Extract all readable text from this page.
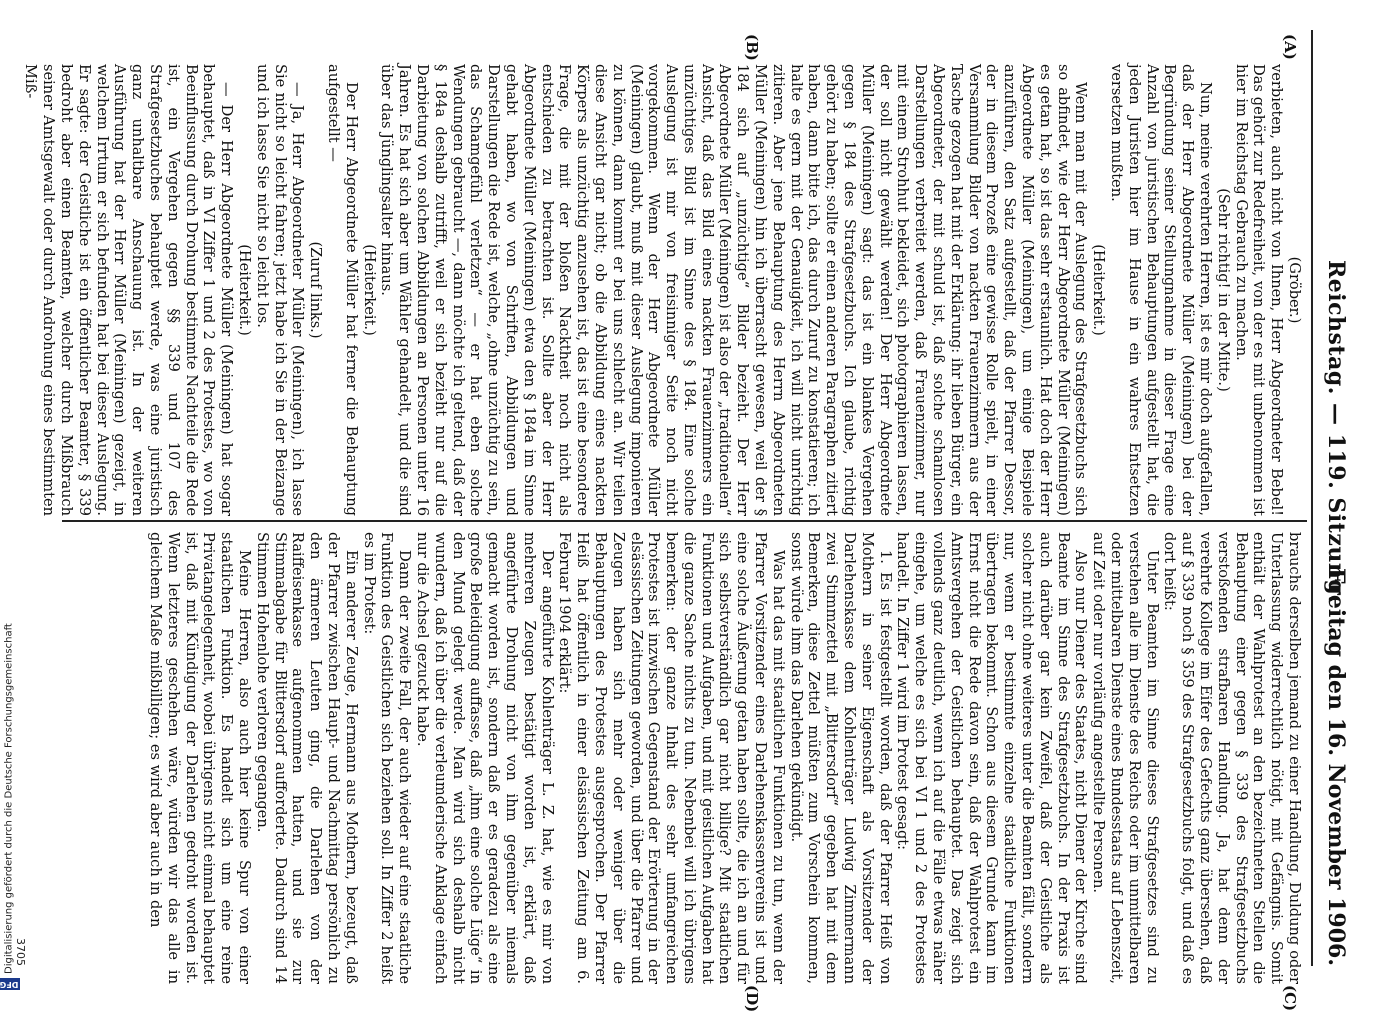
Reichstag. — 119. Sitzung.
Freitag den 16. November 1906.
(A)
(B)

(Gröber.)

verbieten, auch nicht von Ihnen, Herr Abgeordneter Bebel! Das gehört zur Redefreiheit, von der es mit unbenommen ist hier im Reichstag Gebrauch zu machen.

(Sehr richtig! in der Mitte.)

Nun, meine verehrten Herren, ist es mir doch aufgefallen, daß der Herr Abgeordnete Müller (Meiningen) bei der Begründung seiner Stellungnahme in dieser Frage eine Anzahl von juristischen Behauptungen aufgestellt hat, die jeden Juristen hier im Hause in ein wahres Entsetzen versetzen mußten.

(Heiterkeit.)

Wenn man mit der Auslegung des Strafgesetzbuchs sich so abfindet, wie der Herr Abgeordnete Müller (Meiningen) es getan hat, so ist das sehr erstaunlich. Hat doch der Herr Abgeordnete Müller (Meiningen), um einige Beispiele anzuführen, den Satz aufgestellt, daß der Pfarrer Dessor, der in diesem Prozeß eine gewisse Rolle spielt, in einer Versammlung Bilder von nackten Frauenzimmern aus der Tasche gezogen hat mit der Erklärung: ihr lieben Bürger, ein Abgeordneter, der mit schuld ist, daß solche schamlosen Darstellungen verbreitet werden, daß Frauenzimmer, nur mit einem Strohhut bekleidet, sich photographieren lassen, der soll nicht gewählt werden! Der Herr Abgeordnete Müller (Meiningen) sagt: das ist ein blankes Vergehen gegen § 184 des Strafgesetzbuchs. Ich glaube, richtig gehört zu haben; sollte er einen anderen Paragraphen zitiert haben, dann bitte ich, das durch Zuruf zu konstatieren; ich halte es gern mit der Genauigkeit, ich will nicht unrichtig zitieren. Aber jene Behauptung des Herrn Abgeordneten Müller (Meiningen) hin ich überrascht gewesen, weil der § 184 sich auf „unzüchtige“ Bilder bezieht. Der Herr Abgeordnete Müller (Meiningen) ist also der „traditionellen“ Ansicht, daß das Bild eines nackten Frauenzimmers ein unzüchtiges Bild ist im Sinne des § 184. Eine solche Auslegung ist mir von freisinniger Seite noch nicht vorgekommen. Wenn der Herr Abgeordnete Müller (Meiningen) glaubt, muß mit dieser Auslegung imponieren zu können, dann kommt er bei uns schlecht an. Wir teilen diese Ansicht gar nicht; ob die Abbildung eines nackten Körpers als unzüchtig anzusehen ist, das ist eine besondere Frage, die mit der bloßen Nacktheit noch nicht als entschieden zu betrachten ist. Sollte aber der Herr Abgeordnete Müller (Meiningen) etwa den § 184a im Sinne gehabt haben, wo von Schriften, Abbildungen und Darstellungen die Rede ist, welche, „ohne unzüchtig zu sein, das Schamgefühl verletzen“ — er hat eben solche Wendungen gebraucht —, dann möchte ich geltend, daß der § 184a deshalb zutrifft, weil er sich bezieht nur auf die Darbietung von solchen Abbildungen an Personen unter 16 Jahren. Es hat sich aber um Wähler gehandelt, und die sind über das Jünglingsalter hinaus.

(Heiterkeit.)

Der Herr Abgeordnete Müller hat ferner die Behauptung aufgestellt —

(Zuruf links.)

— Ja, Herr Abgeordneter Müller (Meiningen), ich lasse Sie nicht so leicht fahren; jetzt habe ich Sie in der Beizange und ich lasse Sie nicht so leicht los.

(Heiterkeit.)

— Der Herr Abgeordnete Müller (Meiningen) hat sogar behauptet, daß in VI Ziffer 1 und 2 des Protestes, wo von Beeinflussung durch Drohung bestimmte Nachteile die Rede ist, ein Vergehen gegen §§ 339 und 107 des Strafgesetzbuches behauptet werde, was eine juristisch ganz unhaltbare Anschauung ist. In der weiteren Ausführung hat der Herr Müller (Meiningen) gezeigt, in welchem Irrtum er sich befunden hat bei dieser Auslegung. Er sagte: der Geistliche ist ein öffentlicher Beamter, § 339 bedroht aber einen Beamten, welcher durch Mißbrauch seiner Amtsgewalt oder durch Androhung eines bestimmten Miß-

brauchs derselben jemand zu einer Handlung, Duldung oder Unterlassung widerrechtlich nötigt, mit Gefängnis. Somit enthält der Wahlprotest an den bezeichneten Stellen die Behauptung einer gegen § 339 des Strafgesetzbuchs verstoßenden strafbaren Handlung. Ja, hat denn der verehrte Kollege im Eifer des Gefechts ganz übersehen, daß auf § 339 noch § 359 des Strafgesetzbuchs folgt, und daß es dort heißt:

Unter Beamten im Sinne dieses Strafgesetzes sind zu verstehen alle im Dienste des Reichs oder im unmittelbaren oder mittelbaren Dienste eines Bundesstaats auf Lebenszeit, auf Zeit oder nur vorläufig angestellte Personen.

Also nur Diener des Staates, nicht Diener der Kirche sind Beamte im Sinne des Strafgesetzbuchs. In der Praxis ist auch darüber gar kein Zweifel, daß der Geistliche als solcher nicht ohne weiteres unter die Beamten fällt, sondern nur, wenn er bestimmte einzelne staatliche Funktionen übertragen bekommt. Schon aus diesem Grunde kann im Ernst nicht die Rede davon sein, daß der Wahlprotest ein Amtsvergehen der Geistlichen behauptet. Das zeigt sich vollends ganz deutlich, wenn ich auf die Fälle etwas näher eingehe, um welche es sich bei VI 1 und 2 des Protestes handelt. In Ziffer 1 wird im Protest gesagt:

1. Es ist festgestellt worden, daß der Pfarrer Heiß von Mothern in seiner Eigenschaft als Vorsitzender der Darlehenskasse dem Kohlenträger Ludwig Zimmermann zwei Stimmzettel mit „Blittersdorf“ gegeben hat mit dem Bemerken, diese Zettel müßten zum Vorschein kommen, sonst würde ihm das Darlehen gekündigt.

Was hat das mit staatlichen Funktionen zu tun, wenn der Pfarrer Vorsitzender eines Darlehenskassenvereins ist und eine solche Äußerung getan haben sollte, die ich an und für sich selbstverständlich gar nicht billige? Mit staatlichen Funktionen und Aufgaben, und mit geistlichen Aufgaben hat die ganze Sache nichts zu tun. Nebenbei will ich übrigens bemerken: der ganze Inhalt des sehr umfangreichen Protestes ist inzwischen Gegenstand der Erörterung in der elsässischen Zeitungen geworden, und über die Pfarrer und Zeugen haben sich mehr oder weniger über die Behauptungen des Protestes ausgesprochen. Der Pfarrer Heiß hat öffentlich in einer elsässischen Zeitung am 6. Februar 1904 erklärt:

Der angeführte Kohlenträger L. Z. hat, wie es mir von mehreren Zeugen bestätigt worden ist, erklärt, daß angeführte Drohung nicht von ihm gegenüber niemals gemacht worden ist, sondern daß er es geradezu als eine große Beleidigung auffasse, daß „ihm eine solche Lüge“ in den Mund gelegt werde. Man wird sich deshalb nicht wundern, daß ich über die verleumderische Anklage einfach nur die Achsel gezuckt habe.

Dann der zweite Fall, der auch wieder auf eine staatliche Funktion des Geistlichen sich beziehen soll. In Ziffer 2 heißt es im Protest:

Ein anderer Zeuge, Hermann aus Mothern, bezeugt, daß der Pfarrer zwischen Haupt- und Nachmittag persönlich zu den ärmeren Leuten ging, die Darlehen von der Raiffeisenkasse aufgenommen hatten, und sie zur Stimmabgabe für Blittersdorf aufforderte. Dadurch sind 14 Stimmen Hohenlohe verloren gegangen.

Meine Herren, also auch hier keine Spur von einer staatlichen Funktion. Es handelt sich um eine reine Privatangelegenheit, wobei übrigens nicht einmal behauptet ist, daß mit Kündigung der Darlehen gedroht worden ist. Wenn letzteres geschehen wäre, würden wir das alle in gleichem Maße mißbilligen; es wird aber auch in den

3705
(C)
(D)
DFG
Digitalisierung gefördert durch die Deutsche Forschungsgemeinschaft
